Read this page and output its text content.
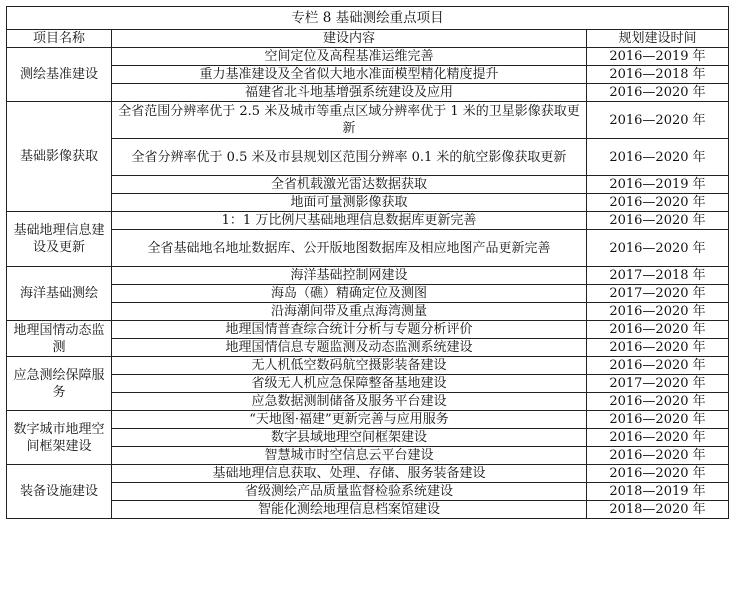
专栏 8 基础测绘重点项目		
项目名称	建设内容	规划建设时间
测绘基准建设	空间定位及高程基准运维完善	2016—2019 年
	重力基准建设及全省似大地水准面模型精化精度提升	2016—2018 年
	福建省北斗地基增强系统建设及应用	2016—2020 年
基础影像获取	全省范围分辨率优于 2.5 米及城市等重点区域分辨率优于 1 米的卫星影像获取更新	2016—2020 年
	全省分辨率优于 0.5 米及市县规划区范围分辨率 0.1 米的航空影像获取更新	2016—2020 年
	全省机载激光雷达数据获取	2016—2019 年
	地面可量测影像获取	2016—2020 年
基础地理信息建设及更新	1：1 万比例尺基础地理信息数据库更新完善	2016—2020 年
	全省基础地名地址数据库、公开版地图数据库及相应地图产品更新完善	2016—2020 年
海洋基础测绘	海洋基础控制网建设	2017—2018 年
	海岛（礁）精确定位及测图	2017—2020 年
	沿海潮间带及重点海湾测量	2016—2020 年
地理国情动态监测	地理国情普查综合统计分析与专题分析评价	2016—2020 年
	地理国情信息专题监测及动态监测系统建设	2016—2020 年
应急测绘保障服务	无人机低空数码航空摄影装备建设	2016—2020 年
	省级无人机应急保障整备基地建设	2017—2020 年
	应急数据测制储备及服务平台建设	2016—2020 年
数字城市地理空间框架建设	“天地图·福建”更新完善与应用服务	2016—2020 年
	数字县域地理空间框架建设	2016—2020 年
	智慧城市时空信息云平台建设	2016—2020 年
装备设施建设	基础地理信息获取、处理、存储、服务装备建设	2016—2020 年
	省级测绘产品质量监督检验系统建设	2018—2019 年
	智能化测绘地理信息档案馆建设	2018—2020 年
